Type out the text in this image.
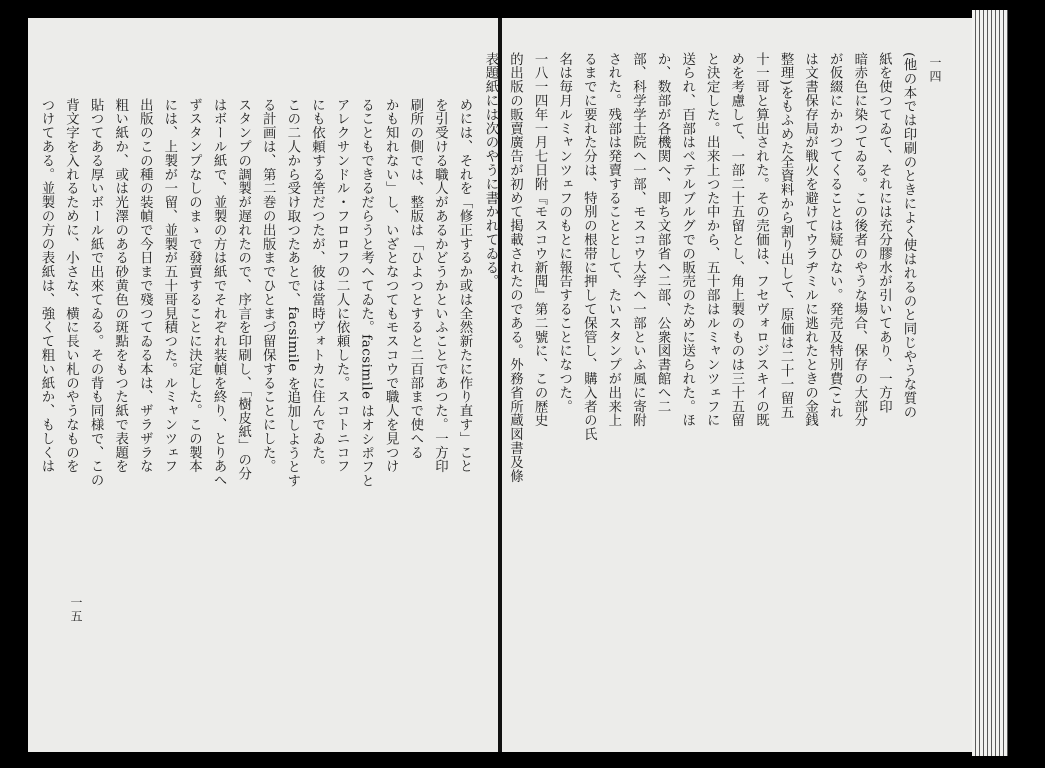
一五
めには、それを「修正するか或は全然新たに作り直す」こと
を引受ける職人があるかどうかといふことであつた。一方印
刷所の側では、整版は「ひよつとすると二百部まで使へる
かも知れない」し、いざとなつてもモスコウで職人を見つけ
ることもできるだらうと考へてゐた。facsimile はオシポフと
アレクサンドル・フロロフの二人に依頼した。スコトニコフ
にも依頼する筈だつたが、彼は當時ヴォトカに住んでゐた。
この二人から受け取つたあとで、facsimile を追加しようとす
る計画は、第二巻の出版までひとまづ留保することにした。
スタンプの調製が遅れたので、序言を印刷し、「樹皮紙」の分
はボール紙で、並製の方は紙でそれぞれ装幀を終り、とりあへ
ずスタンプなしのまゝで發賣することに決定した。この製本
には、上製が一留、並製が五十哥見積つた。ルミャンツェフ
出版のこの種の装幀で今日まで殘つてゐる本は、ザラザラな
粗い紙か、或は光澤のある砂黄色の斑點をもつた紙で表題を
貼つてある厚いボール紙で出來てゐる。その背も同様で、この
背文字を入れるために、小さな、横に長い札のやうなものを
つけてある。並製の方の表紙は、強くて粗い紙か、もしくは

一四
(他の本では印刷のときによく使はれるのと同じやうな質の
紙を使つてゐて、それには充分膠水が引いてあり、一方印
暗赤色に染つてゐる。この後者のやうな場合、保存の大部分
が仮綴にかかつてくることは疑ひない。発売及特別費(これ
は文書保存局が戦火を避けてウラヂミルに逃れたときの金銭
整理)をもふめた全資料から割り出して、原価は二十一留五
十一哥と算出された。その売価は、フセヴォロジスキイの既
めを考慮して、一部二十五留とし、角上製のものは三十五留
と決定した。出来上つた中から、五十部はルミャンツェフに
送られ、百部はペテルブルグでの販売のために送られた。ほ
か、数部が各機関へ、即ち文部省へ二部、公衆図書館へ二
部、科学学士院へ一部、モスコウ大学へ一部といふ風に寄附
された。残部は発賣することとして、たいスタンプが出来上
るまでに要れた分は、特別の根帯に押して保管し、購入者の氏
名は毎月ルミャンツェフのもとに報告することになつた。
一八一四年一月七日附『モスコウ新聞』第二號に、この歴史
的出版の販賣廣告が初めて掲載されたのである。外務省所蔵図書及條
表題紙には次のやうに書かれてゐる。
